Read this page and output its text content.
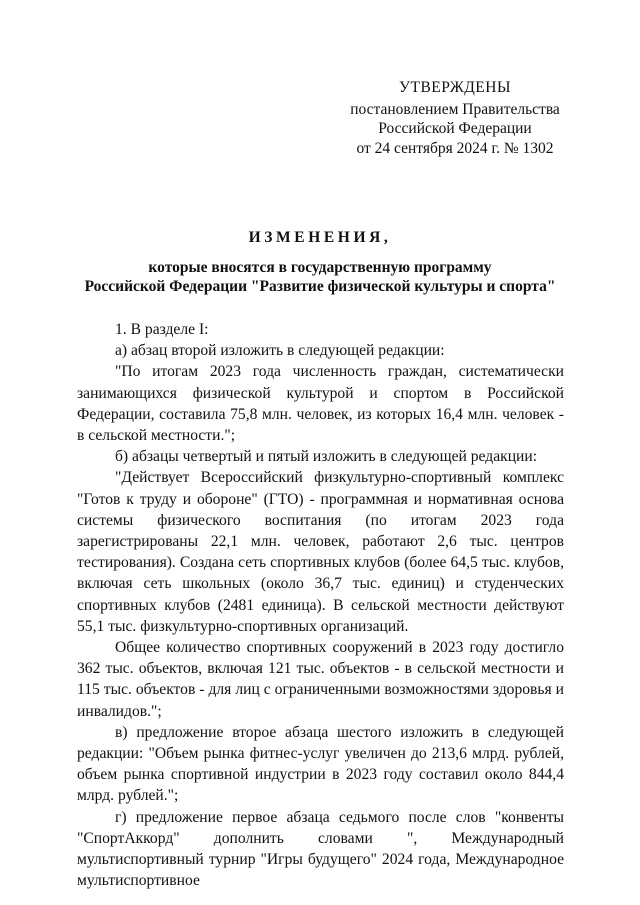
УТВЕРЖДЕНЫ
постановлением Правительства
Российской Федерации
от 24 сентября 2024 г. № 1302
ИЗМЕНЕНИЯ,
которые вносятся в государственную программу
Российской Федерации "Развитие физической культуры и спорта"

1. В разделе I:

а) абзац второй изложить в следующей редакции:

"По итогам 2023 года численность граждан, систематически занимающихся физической культурой и спортом в Российской Федерации, составила 75,8 млн. человек, из которых 16,4 млн. человек - в сельской местности.";

б) абзацы четвертый и пятый изложить в следующей редакции:

"Действует Всероссийский физкультурно-спортивный комплекс "Готов к труду и обороне" (ГТО) - программная и нормативная основа системы физического воспитания (по итогам 2023 года зарегистрированы 22,1 млн. человек, работают 2,6 тыс. центров тестирования). Создана сеть спортивных клубов (более 64,5 тыс. клубов, включая сеть школьных (около 36,7 тыс. единиц) и студенческих спортивных клубов (2481 единица). В сельской местности действуют 55,1 тыс. физкультурно-спортивных организаций.

Общее количество спортивных сооружений в 2023 году достигло 362 тыс. объектов, включая 121 тыс. объектов - в сельской местности и 115 тыс. объектов - для лиц с ограниченными возможностями здоровья и инвалидов.";

в) предложение второе абзаца шестого изложить в следующей редакции: "Объем рынка фитнес-услуг увеличен до 213,6 млрд. рублей, объем рынка спортивной индустрии в 2023 году составил около 844,4 млрд. рублей.";

г) предложение первое абзаца седьмого после слов "конвенты "СпортАккорд" дополнить словами ", Международный мультиспортивный турнир "Игры будущего" 2024 года, Международное мультиспортивное
